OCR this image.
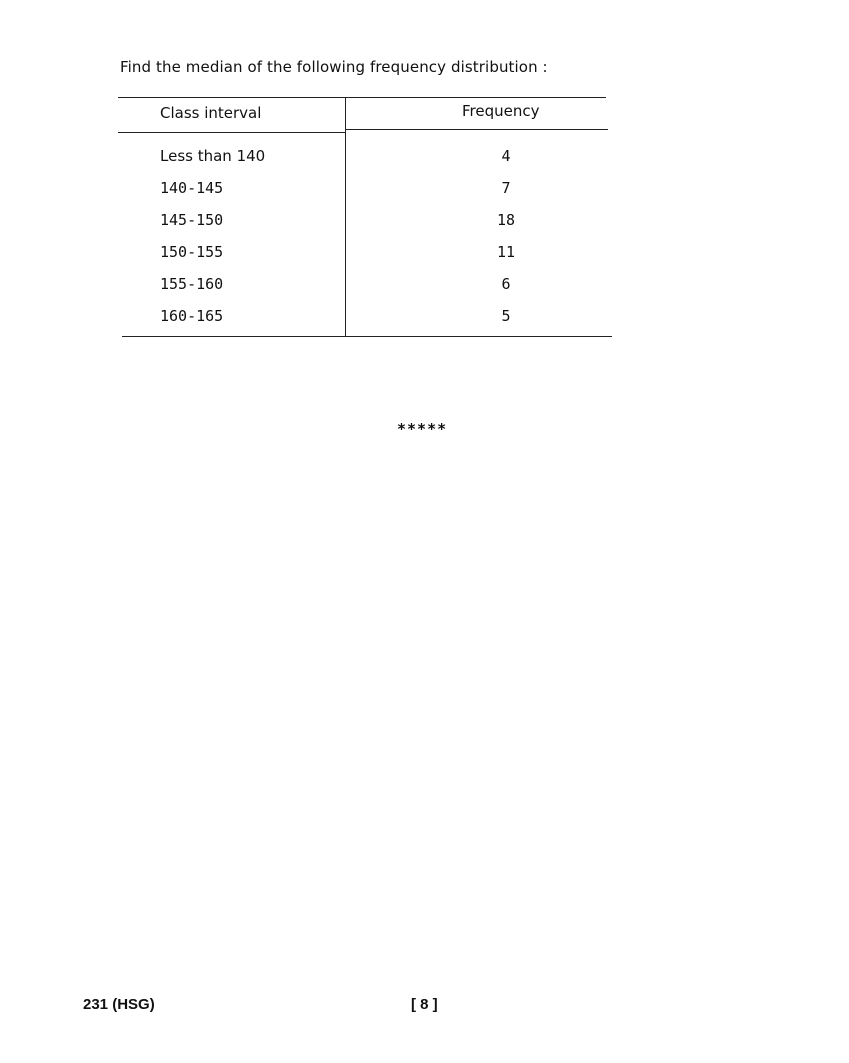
Find the median of the following frequency distribution :
Class interval	Frequency
Less than 140	4
140-145	7
145-150	18
150-155	11
155-160	6
160-165	5
*****
231 (HSG)	[ 8 ]
